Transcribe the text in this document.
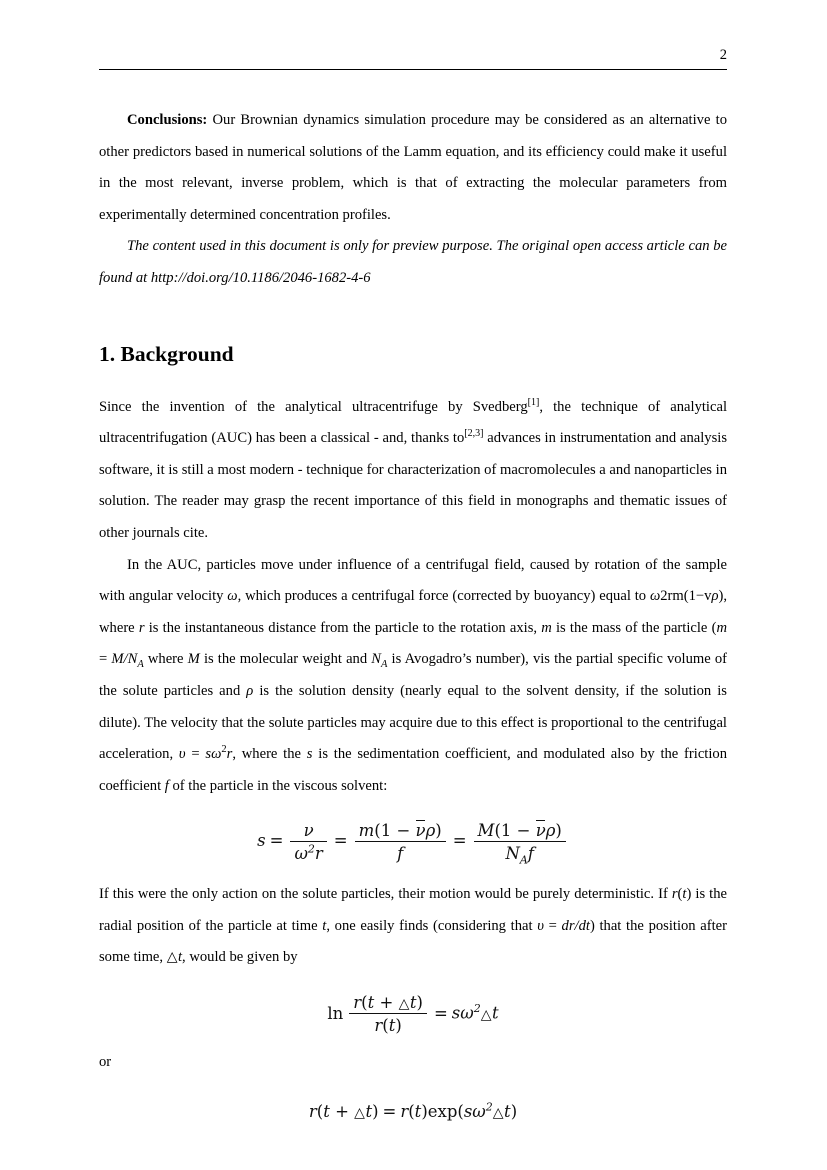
2

Conclusions: Our Brownian dynamics simulation procedure may be considered as an alternative to other predictors based in numerical solutions of the Lamm equation, and its efficiency could make it useful in the most relevant, inverse problem, which is that of extracting the molecular parameters from experimentally determined concentration profiles.

The content used in this document is only for preview purpose. The original open access article can be found at http://doi.org/10.1186/2046-1682-4-6

1. Background

Since the invention of the analytical ultracentrifuge by Svedberg[1], the technique of analytical ultracentrifugation (AUC) has been a classical - and, thanks to[2,3] advances in instrumentation and analysis software, it is still a most modern - technique for characterization of macromolecules a and nanoparticles in solution. The reader may grasp the recent importance of this field in monographs and thematic issues of other journals cite.

In the AUC, particles move under influence of a centrifugal field, caused by rotation of the sample with angular velocity ω, which produces a centrifugal force (corrected by buoyancy) equal to ω2rm(1−vρ), where r is the instantaneous distance from the particle to the rotation axis, m is the mass of the particle ($m = M/N_A$ where M is the molecular weight and $N_A$ is Avogadro’s number), vis the partial specific volume of the solute particles and ρ is the solution density (nearly equal to the solvent density, if the solution is dilute). The velocity that the solute particles may acquire due to this effect is proportional to the centrifugal acceleration, $\upsilon = s\omega^2r$, where the s is the sedimentation coefficient, and modulated also by the friction coefficient f of the particle in the viscous solvent:

$s = \frac{\nu}{\omega^2r} = \frac{m(1 - \nu\rho)}{f} = \frac{M(1 - \nu\rho)}{N_Af}$

If this were the only action on the solute particles, their motion would be purely deterministic. If r(t) is the radial position of the particle at time t, one easily finds (considering that υ = dr/dt) that the position after some time, △t, would be given by

$\ln \frac{r(t + \triangle t)}{r(t)}$ = $s\omega^2\triangle t$

or

r(t + △t) = $r(t)\exp(s\omega^2\triangle t)$
